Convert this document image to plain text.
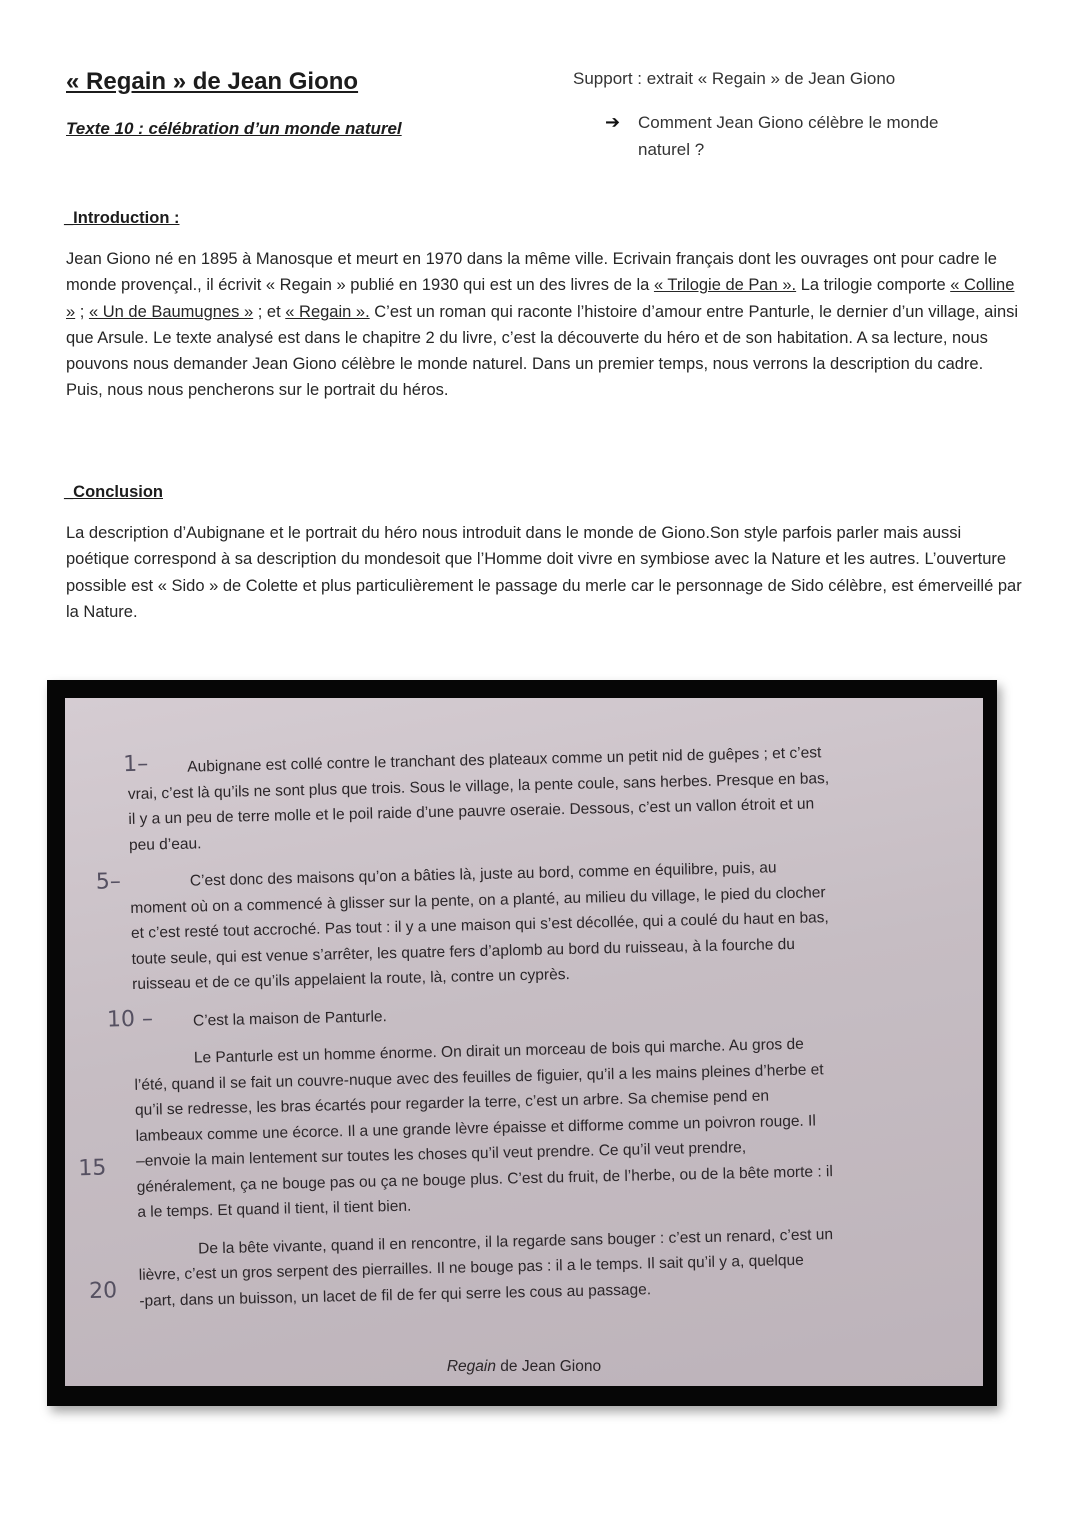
« Regain » de Jean Giono
Texte 10 : célébration d’un monde naturel
Support : extrait « Regain » de Jean Giono
➔ Comment Jean Giono célèbre le monde naturel ?
_Introduction :

Jean Giono né en 1895 à Manosque et meurt en 1970 dans la même ville. Ecrivain français dont les ouvrages ont pour cadre le monde provençal., il écrivit « Regain » publié en 1930 qui est un des livres de la « Trilogie de Pan ». La trilogie comporte « Colline » ; « Un de Baumugnes » ; et « Regain ». C’est un roman qui raconte l’histoire d’amour entre Panturle, le dernier d’un village, ainsi que Arsule. Le texte analysé est dans le chapitre 2 du livre, c’est la découverte du héro et de son habitation. A sa lecture, nous pouvons nous demander Jean Giono célèbre le monde naturel. Dans un premier temps, nous verrons la description du cadre. Puis, nous nous pencherons sur le portrait du héros.

_Conclusion

La description d’Aubignane et le portrait du héro nous introduit dans le monde de Giono.Son style parfois parler mais aussi poétique correspond à sa description du mondesoit que l’Homme doit vivre en symbiose avec la Nature et les autres. L’ouverture possible est « Sido » de Colette et plus particulièrement le passage du merle car le personnage de Sido célèbre, est émerveillé par la Nature.

1–
5–
10 –
15
20

Aubignane est collé contre le tranchant des plateaux comme un petit nid de guêpes ; et c’est
vrai, c’est là qu’ils ne sont plus que trois. Sous le village, la pente coule, sans herbes. Presque en bas,
il y a un peu de terre molle et le poil raide d’une pauvre oseraie. Dessous, c’est un vallon étroit et un
peu d’eau.

C’est donc des maisons qu’on a bâties là, juste au bord, comme en équilibre, puis, au
moment où on a commencé à glisser sur la pente, on a planté, au milieu du village, le pied du clocher
et c’est resté tout accroché. Pas tout : il y a une maison qui s’est décollée, qui a coulé du haut en bas,
toute seule, qui est venue s’arrêter, les quatre fers d’aplomb au bord du ruisseau, à la fourche du
ruisseau et de ce qu’ils appelaient la route, là, contre un cyprès.

C’est la maison de Panturle.

Le Panturle est un homme énorme. On dirait un morceau de bois qui marche. Au gros de
l’été, quand il se fait un couvre-nuque avec des feuilles de figuier, qu’il a les mains pleines d’herbe et
qu’il se redresse, les bras écartés pour regarder la terre, c’est un arbre. Sa chemise pend en
lambeaux comme une écorce. Il a une grande lèvre épaisse et difforme comme un poivron rouge. Il
–envoie la main lentement sur toutes les choses qu’il veut prendre. Ce qu’il veut prendre,
généralement, ça ne bouge pas ou ça ne bouge plus. C’est du fruit, de l’herbe, ou de la bête morte : il
a le temps. Et quand il tient, il tient bien.

De la bête vivante, quand il en rencontre, il la regarde sans bouger : c’est un renard, c’est un
lièvre, c’est un gros serpent des pierrailles. Il ne bouge pas : il a le temps. Il sait qu’il y a, quelque
-part, dans un buisson, un lacet de fil de fer qui serre les cous au passage.

Regain de Jean Giono
